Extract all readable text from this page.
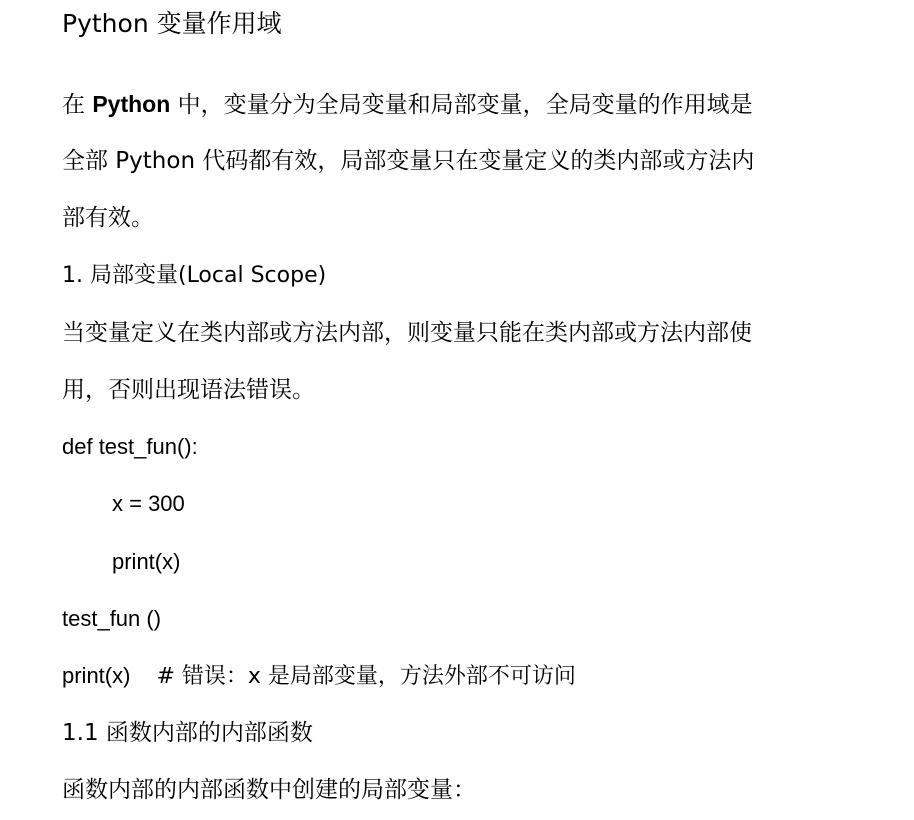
Python 变量作用域
在 Python 中，变量分为全局变量和局部变量，全局变量的作用域是
全部 Python 代码都有效，局部变量只在变量定义的类内部或方法内
部有效。
1. 局部变量(Local Scope)
当变量定义在类内部或方法内部，则变量只能在类内部或方法内部使
用，否则出现语法错误。
def test_fun():
x = 300
print(x)
test_fun ()
print(x) # 错误：x 是局部变量，方法外部不可访问
1.1 函数内部的内部函数
函数内部的内部函数中创建的局部变量：
